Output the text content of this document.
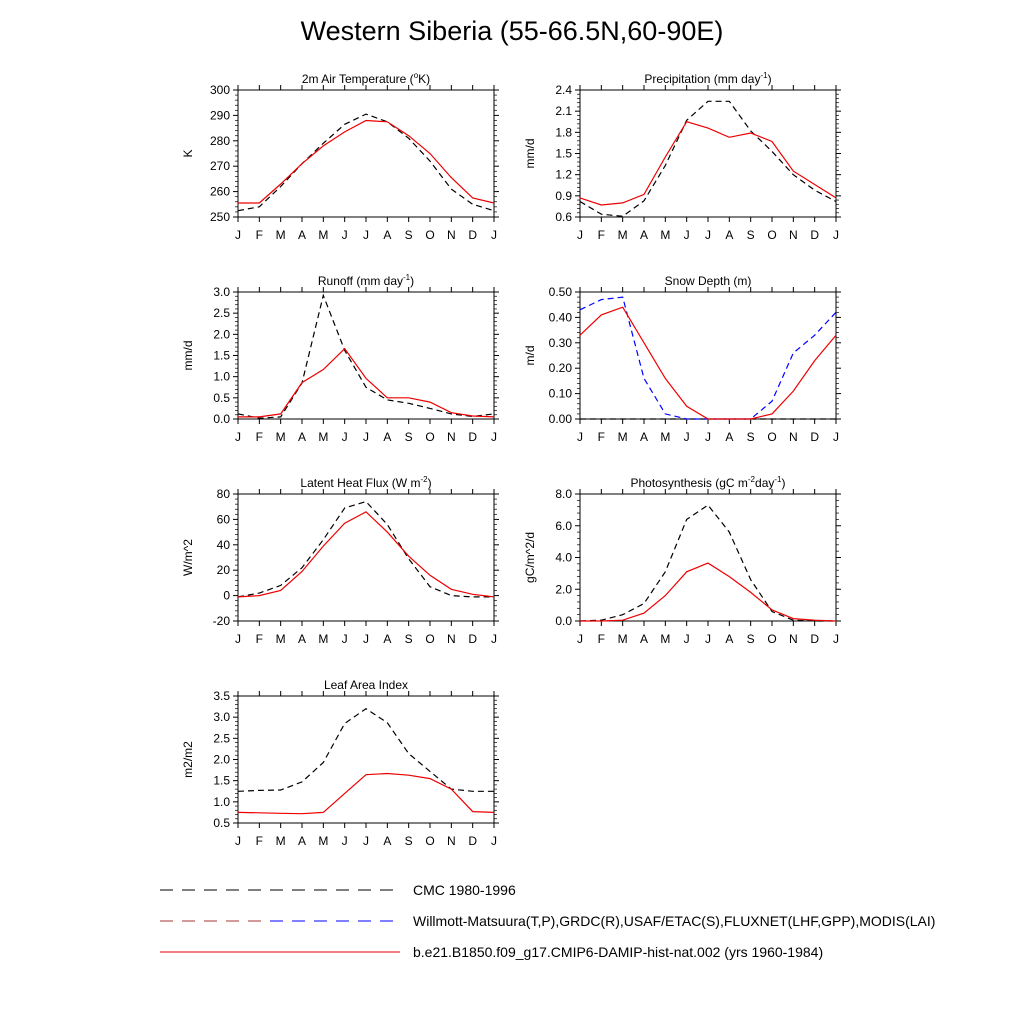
Western Siberia (55-66.5N,60-90E)
2m Air Temperature ($^o$K)
250
260
270
280
290
300
J F M A M J J A S O N D J
K
Precipitation (mm day$^{-1}$)
0.6
0.9
1.2
1.5
1.8
2.1
2.4
J F M A M J J A S O N D J
mm/d
Runoff (mm day$^{-1}$)
0.0
0.5
1.0
1.5
2.0
2.5
3.0
J F M A M J J A S O N D J
mm/d
Snow Depth (m)
0.00
0.10
0.20
0.30
0.40
0.50
J F M A M J J A S O N D J
m/d
Latent Heat Flux (W $m^{-2}$)
-20
0
20
40
60
80
J F M A M J J A S O N D J
W/m^2
Photosynthesis (gC $m^{-2}day^{-1}$)
0.0
2.0
4.0
6.0
8.0
J F M A M J J A S O N D J
gC/m^2/d
Leaf Area Index
0.5
1.0
1.5
2.0
2.5
3.0
3.5
J F M A M J J A S O N D J
m2/m2
CMC 1980-1996
Willmott-Matsuura(T,P),GRDC(R),USAF/ETAC(S),FLUXNET(LHF,GPP),MODIS(LAI)
b.e21.B1850.f09_g17.CMIP6-DAMIP-hist-nat.002 (yrs 1960-1984)
